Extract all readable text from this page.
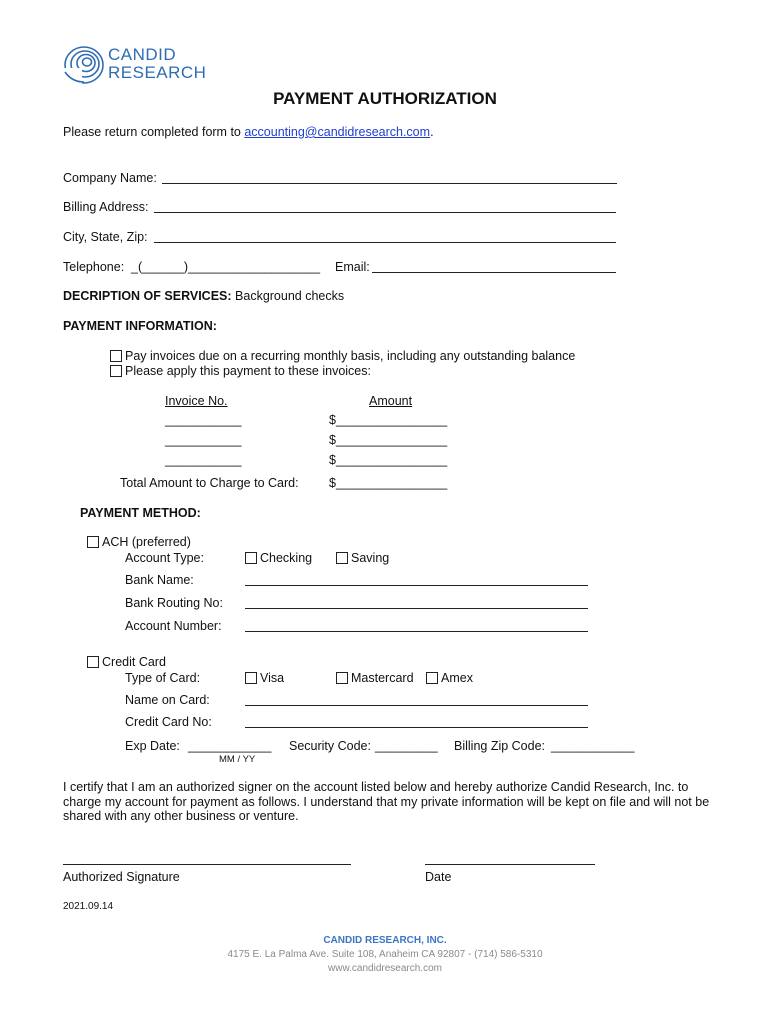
CANDID
RESEARCH
PAYMENT AUTHORIZATION
Please return completed form to accounting@candidresearch.com.
Company Name:
Billing Address:
City, State, Zip:
Telephone: _(______)___________________ Email:
DECRIPTION OF SERVICES: Background checks
PAYMENT INFORMATION:
Pay invoices due on a recurring monthly basis, including any outstanding balance
Please apply this payment to these invoices:
Invoice No.	Amount
___________	$________________
___________	$________________
___________	$________________
Total Amount to Charge to Card: $________________
PAYMENT METHOD:
ACH (preferred)
Account Type:	Checking	Saving
Bank Name:
Bank Routing No:
Account Number:
Credit Card
Type of Card:	Visa	Mastercard	Amex
Name on Card:
Credit Card No:
Exp Date: ____________
MM / YY
Security Code: _________ Billing Zip Code: ____________
I certify that I am an authorized signer on the account listed below and hereby authorize Candid Research, Inc. to charge my account for payment as follows. I understand that my private information will be kept on file and will not be shared with any other business or venture.
Authorized Signature	Date
2021.09.14
CANDID RESEARCH, INC.
4175 E. La Palma Ave. Suite 108, Anaheim CA 92807 - (714) 586-5310
www.candidresearch.com
